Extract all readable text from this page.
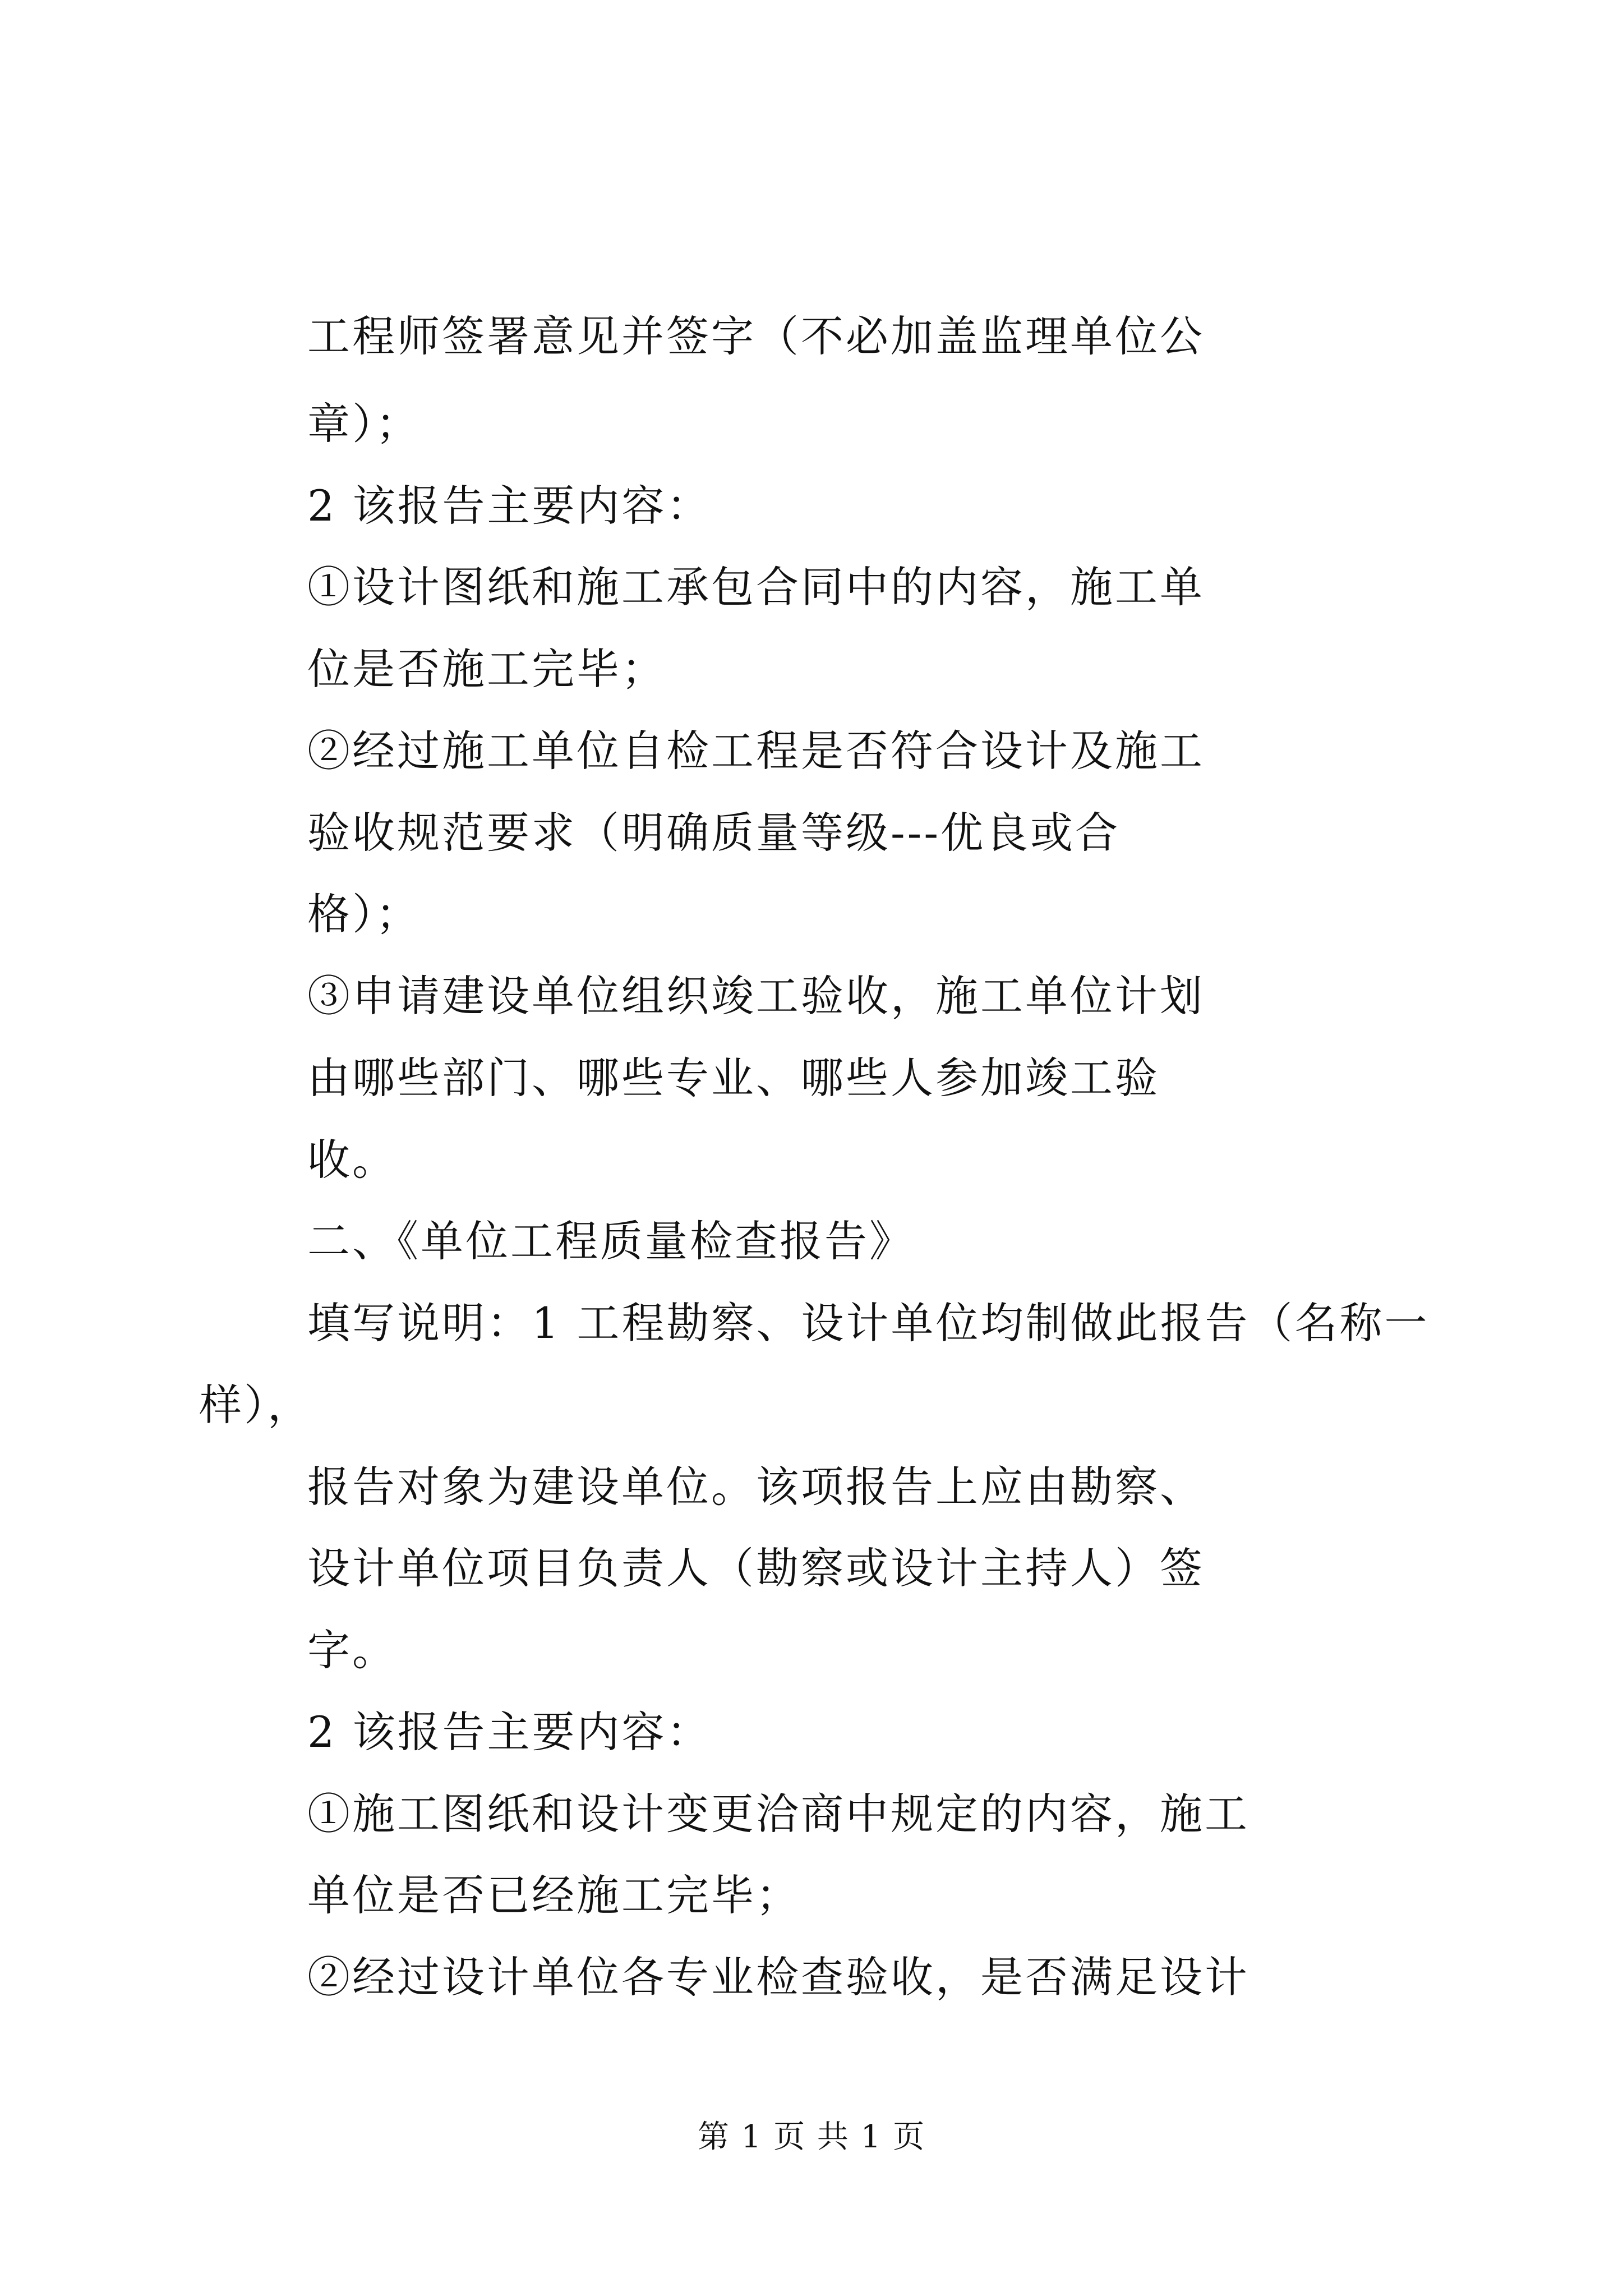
工程师签署意见并签字（不必加盖监理单位公

章）；

2 该报告主要内容：

①设计图纸和施工承包合同中的内容，施工单

位是否施工完毕；

②经过施工单位自检工程是否符合设计及施工

验收规范要求（明确质量等级---优良或合

格）；

③申请建设单位组织竣工验收，施工单位计划

由哪些部门、哪些专业、哪些人参加竣工验

收。

二、《单位工程质量检查报告》

填写说明：1 工程勘察、设计单位均制做此报告（名称一

样），

报告对象为建设单位。该项报告上应由勘察、

设计单位项目负责人（勘察或设计主持人）签

字。

2 该报告主要内容：

①施工图纸和设计变更洽商中规定的内容，施工

单位是否已经施工完毕；

②经过设计单位各专业检查验收，是否满足设计

第 1 页 共 1 页
